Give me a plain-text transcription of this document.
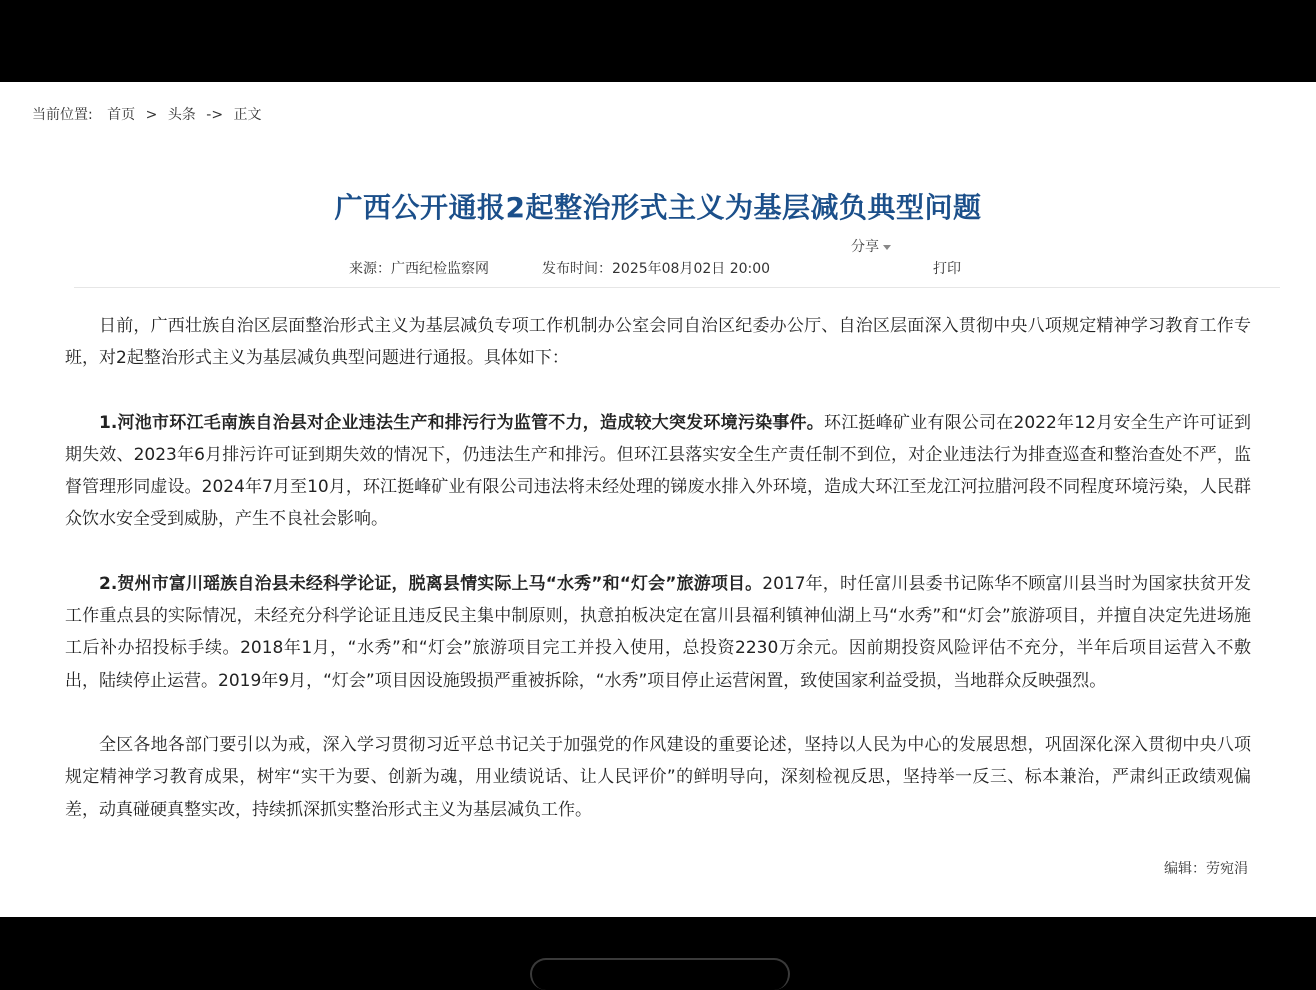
当前位置: 首页 > 头条 -> 正文
广西公开通报2起整治形式主义为基层减负典型问题
分享
来源：广西纪检监察网	发布时间：2025年08月02日 20:00	打印

日前，广西壮族自治区层面整治形式主义为基层减负专项工作机制办公室会同自治区纪委办公厅、自治区层面深入贯彻中央八项规定精神学习教育工作专班，对2起整治形式主义为基层减负典型问题进行通报。具体如下：

1.河池市环江毛南族自治县对企业违法生产和排污行为监管不力，造成较大突发环境污染事件。环江挺峰矿业有限公司在2022年12月安全生产许可证到期失效、2023年6月排污许可证到期失效的情况下，仍违法生产和排污。但环江县落实安全生产责任制不到位，对企业违法行为排查巡查和整治查处不严，监督管理形同虚设。2024年7月至10月，环江挺峰矿业有限公司违法将未经处理的锑废水排入外环境，造成大环江至龙江河拉腊河段不同程度环境污染，人民群众饮水安全受到威胁，产生不良社会影响。

2.贺州市富川瑶族自治县未经科学论证，脱离县情实际上马“水秀”和“灯会”旅游项目。2017年，时任富川县委书记陈华不顾富川县当时为国家扶贫开发工作重点县的实际情况，未经充分科学论证且违反民主集中制原则，执意拍板决定在富川县福利镇神仙湖上马“水秀”和“灯会”旅游项目，并擅自决定先进场施工后补办招投标手续。2018年1月，“水秀”和“灯会”旅游项目完工并投入使用，总投资2230万余元。因前期投资风险评估不充分，半年后项目运营入不敷出，陆续停止运营。2019年9月，“灯会”项目因设施毁损严重被拆除，“水秀”项目停止运营闲置，致使国家利益受损，当地群众反映强烈。

全区各地各部门要引以为戒，深入学习贯彻习近平总书记关于加强党的作风建设的重要论述，坚持以人民为中心的发展思想，巩固深化深入贯彻中央八项规定精神学习教育成果，树牢“实干为要、创新为魂，用业绩说话、让人民评价”的鲜明导向，深刻检视反思，坚持举一反三、标本兼治，严肃纠正政绩观偏差，动真碰硬真整实改，持续抓深抓实整治形式主义为基层减负工作。

编辑：劳宛涓
